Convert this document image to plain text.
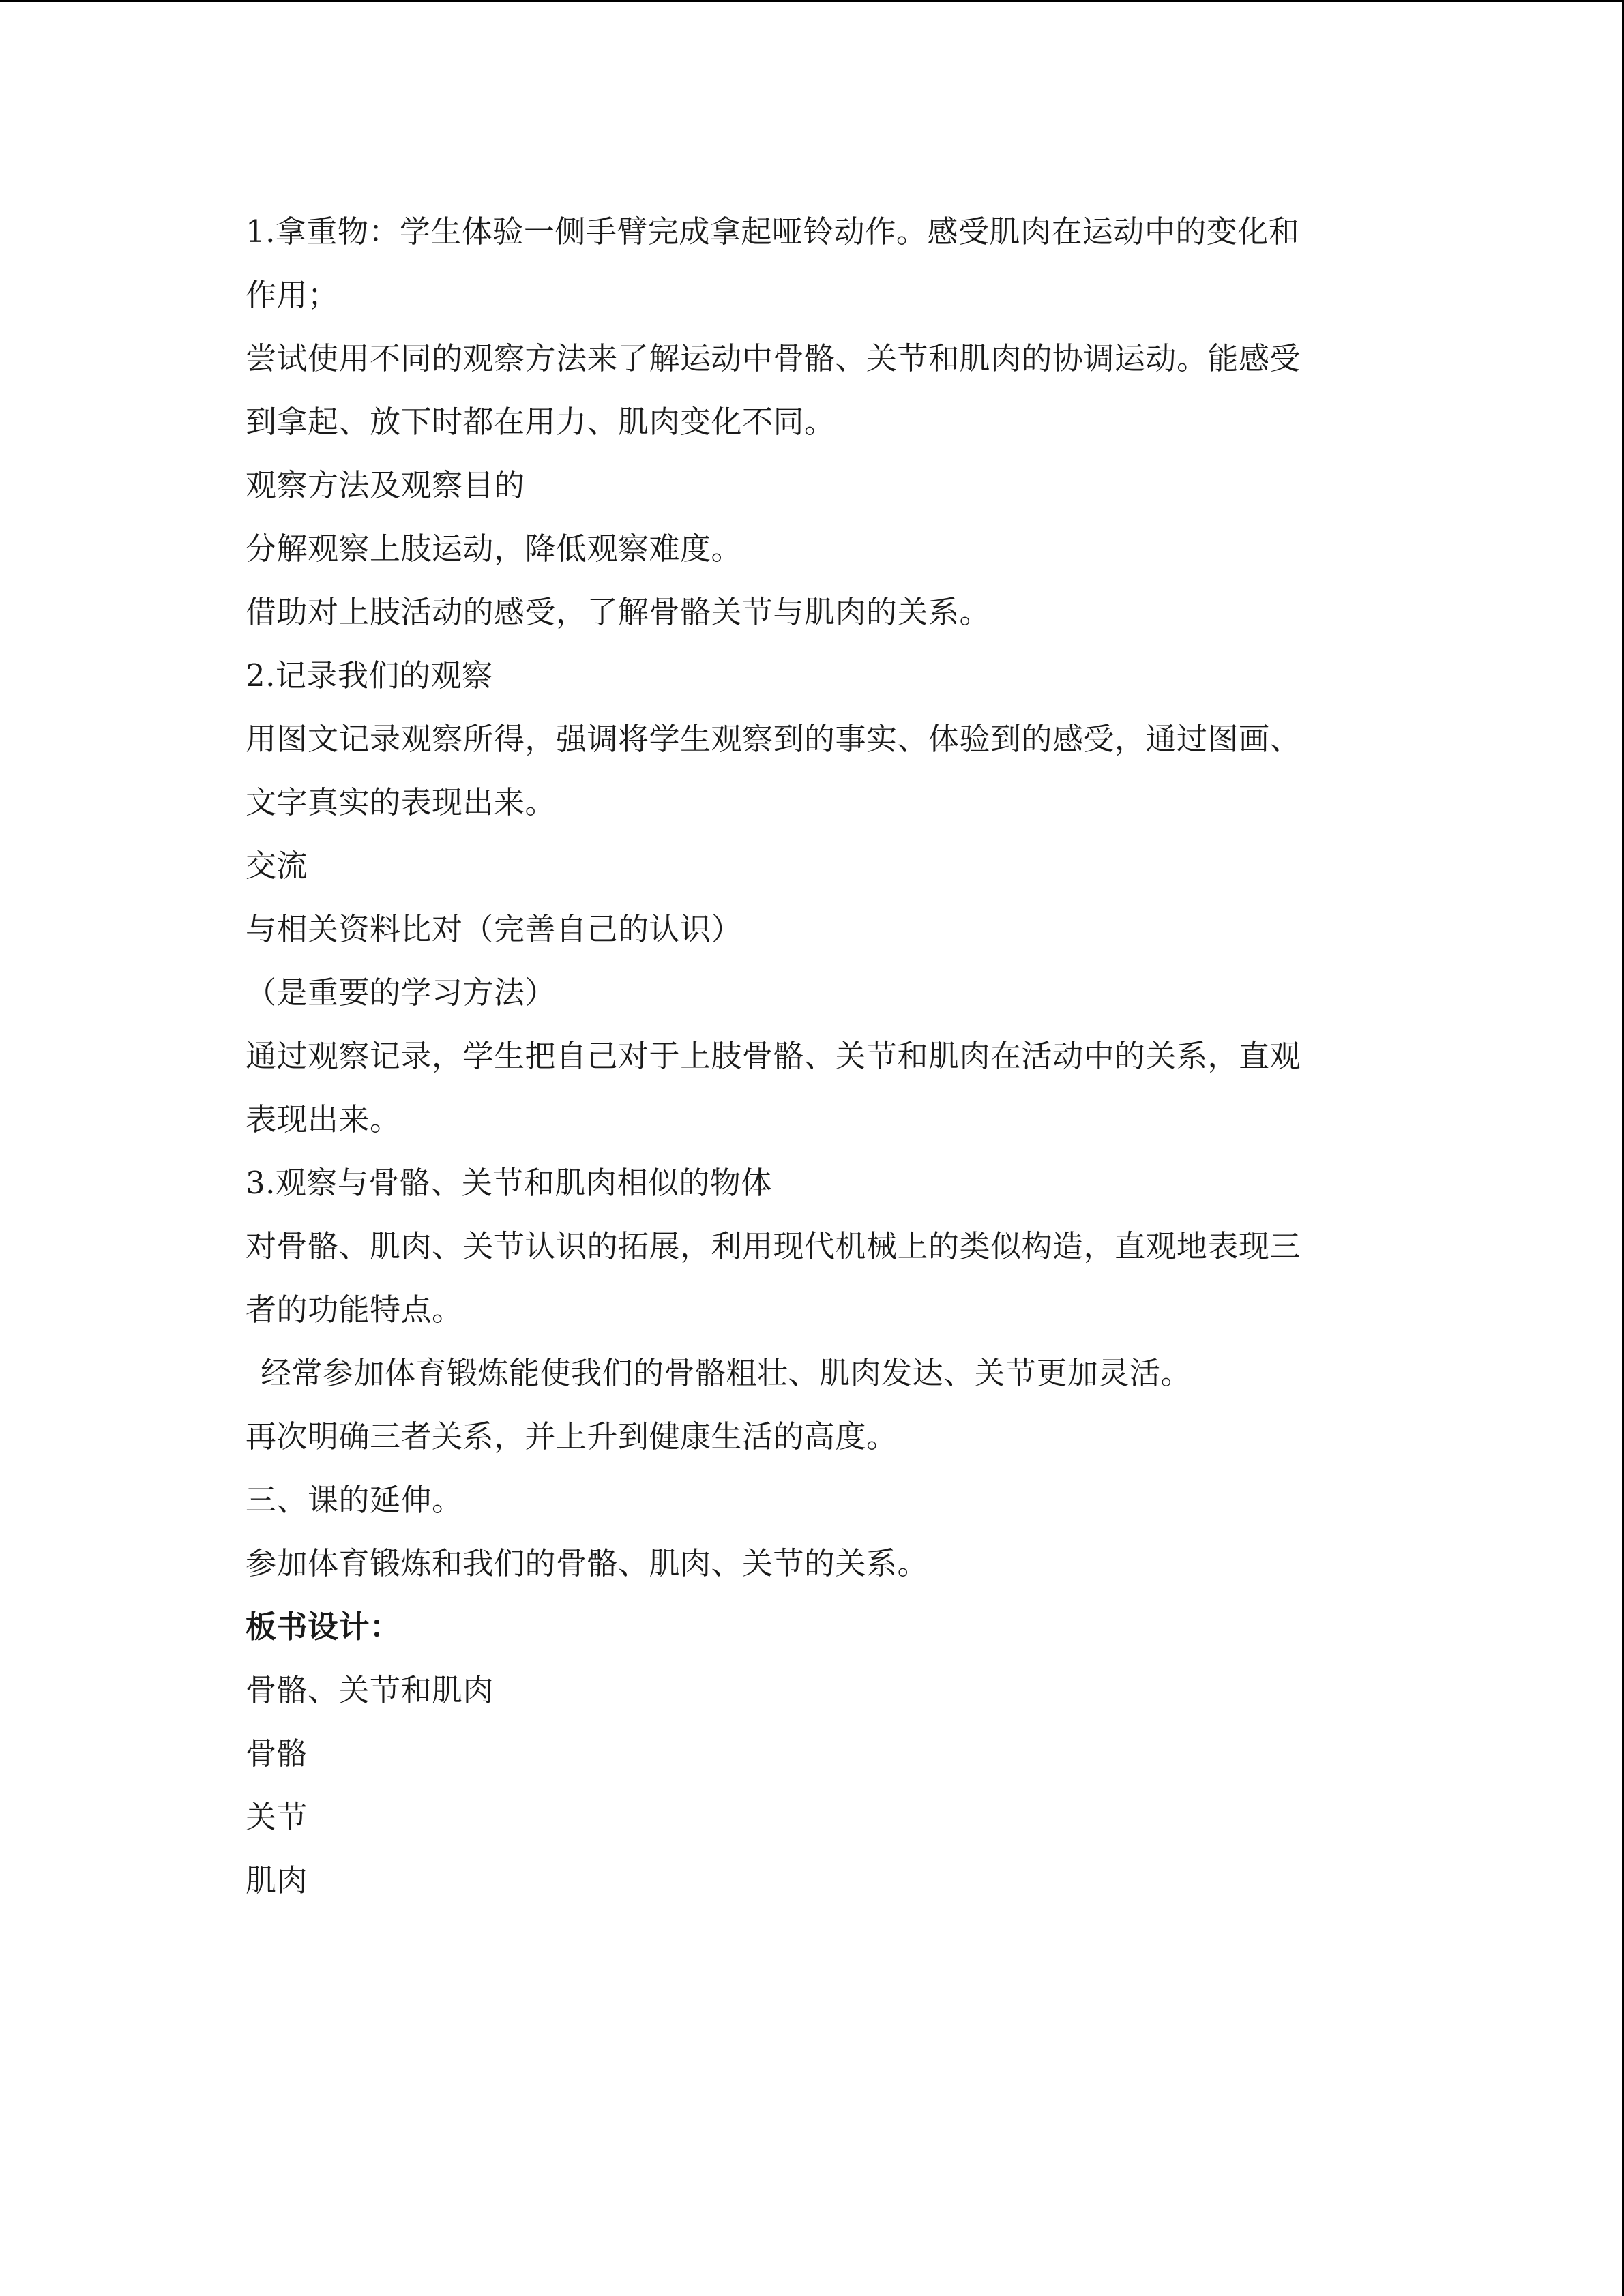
1.拿重物：学生体验一侧手臂完成拿起哑铃动作。感受肌肉在运动中的变化和

作用；

尝试使用不同的观察方法来了解运动中骨骼、关节和肌肉的协调运动。能感受

到拿起、放下时都在用力、肌肉变化不同。

观察方法及观察目的

分解观察上肢运动，降低观察难度。

借助对上肢活动的感受，了解骨骼关节与肌肉的关系。

2.记录我们的观察

用图文记录观察所得，强调将学生观察到的事实、体验到的感受，通过图画、

文字真实的表现出来。

交流

与相关资料比对（完善自己的认识）

（是重要的学习方法）

通过观察记录，学生把自己对于上肢骨骼、关节和肌肉在活动中的关系，直观

表现出来。

3.观察与骨骼、关节和肌肉相似的物体

对骨骼、肌肉、关节认识的拓展，利用现代机械上的类似构造，直观地表现三

者的功能特点。

经常参加体育锻炼能使我们的骨骼粗壮、肌肉发达、关节更加灵活。

再次明确三者关系，并上升到健康生活的高度。

三、课的延伸。

参加体育锻炼和我们的骨骼、肌肉、关节的关系。

板书设计：

骨骼、关节和肌肉

骨骼

关节

肌肉
